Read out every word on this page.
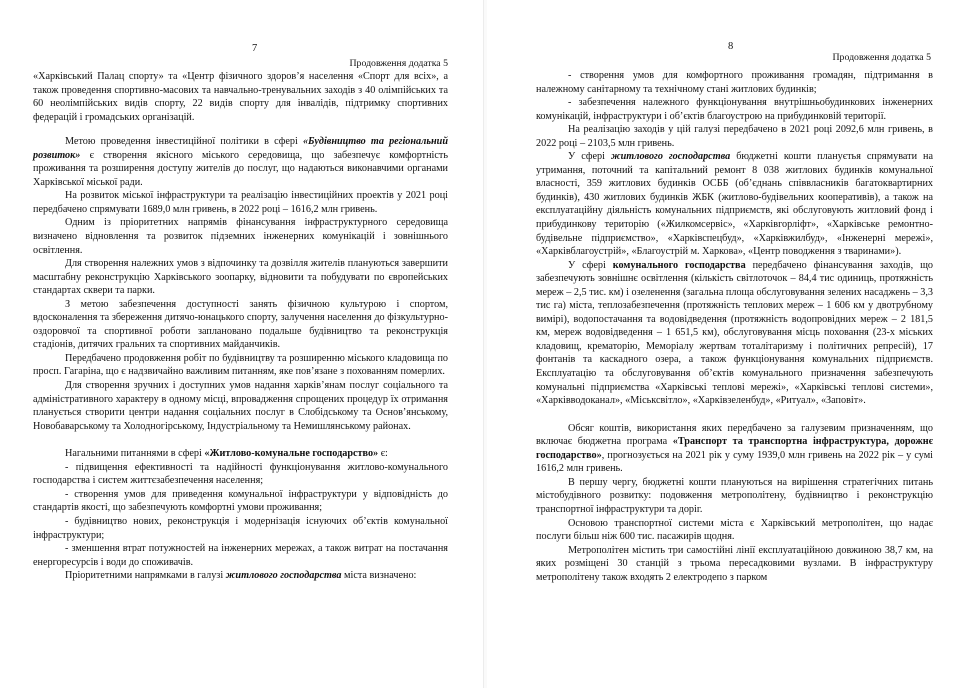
7
Продовження додатка 5

«Харківський Палац спорту» та «Центр фізичного здоров’я населення «Спорт для всіх», а також проведення спортивно-масових та навчально-тренувальних заходів з 40 олімпійських та 60 неолімпійських видів спорту, 22 видів спорту для інвалідів, підтримку спортивних федерацій і громадських організацій.

Метою проведення інвестиційної політики в сфері «Будівництво та регіональний розвиток» є створення якісного міського середовища, що забезпечує комфортність проживання та розширення доступу жителів до послуг, що надаються виконавчими органами Харківської міської ради.

На розвиток міської інфраструктури та реалізацію інвестиційних проектів у 2021 році передбачено спрямувати 1689,0 млн гривень, в 2022 році – 1616,2 млн гривень.

Одним із пріоритетних напрямів фінансування інфраструктурного середовища визначено відновлення та розвиток підземних інженерних комунікацій і зовнішнього освітлення.

Для створення належних умов з відпочинку та дозвілля жителів плануються завершити масштабну реконструкцію Харківського зоопарку, відновити та побудувати по європейських стандартах сквери та парки.

З метою забезпечення доступності занять фізичною культурою і спортом, вдосконалення та збереження дитячо-юнацького спорту, залучення населення до фізкультурно-оздоровчої та спортивної роботи заплановано подальше будівництво та реконструкція стадіонів, дитячих гральних та спортивних майданчиків.

Передбачено продовження робіт по будівництву та розширенню міського кладовища по просп. Гагаріна, що є надзвичайно важливим питанням, яке пов’язане з похованням померлих.

Для створення зручних і доступних умов надання харків’янам послуг соціального та адміністративного характеру в одному місці, впровадження спрощених процедур їх отримання планується створити центри надання соціальних послуг в Слобідському та Основ’янському, Новобаварському та Холодногірському, Індустріальному та Немишлянському районах.

Нагальними питаннями в сфері «Житлово-комунальне господарство» є:

- підвищення ефективності та надійності функціонування житлово-комунального господарства і систем життєзабезпечення населення;

- створення умов для приведення комунальної інфраструктури у відповідність до стандартів якості, що забезпечують комфортні умови проживання;

- будівництво нових, реконструкція і модернізація існуючих об’єктів комунальної інфраструктури;

- зменшення втрат потужностей на інженерних мережах, а також витрат на постачання енергоресурсів і води до споживачів.

Пріоритетними напрямками в галузі житлового господарства міста визначено:

8
Продовження додатка 5

- створення умов для комфортного проживання громадян, підтримання в належному санітарному та технічному стані житлових будинків;

- забезпечення належного функціонування внутрішньобудинкових інженерних комунікацій, інфраструктури і об’єктів благоустрою на прибудинковій території.

На реалізацію заходів у цій галузі передбачено в 2021 році 2092,6 млн гривень, в 2022 році – 2103,5 млн гривень.

У сфері житлового господарства бюджетні кошти плануєтья спрямувати на утримання, поточний та капітальний ремонт 8 038 житлових будинків комунальної власності, 359 житлових будинків ОСББ (об’єднань співвласників багатоквартирних будинків), 430 житлових будинків ЖБК (житлово-будівельних кооперативів), а також на експлуатаційну діяльність комунальних підприємств, які обслуговують житловий фонд і прибудинкову територію («Жилкомсервіс», «Харківгорліфт», «Харківське ремонтно-будівельне підприємство», «Харківспецбуд», «Харківжилбуд», «Інженерні мережі», «Харківблагоустрій», «Благоустрій м. Харкова», «Центр поводження з тваринами»).

У сфері комунального господарства передбачено фінансування заходів, що забезпечують зовнішнє освітлення (кількість світлоточок – 84,4 тис одиниць, протяжність мереж – 2,5 тис. км) і озеленення (загальна площа обслуговування зелених насаджень – 3,3 тис га) міста, теплозабезпечення (протяжність теплових мереж – 1 606 км у двотрубному вимірі), водопостачання та водовідведення (протяжність водопровідних мереж – 2 181,5 км, мереж водовідведення – 1 651,5 км), обслуговування місць поховання (23-х міських кладовищ, крематорію, Меморіалу жертвам тоталітаризму і політичних репресій), 17 фонтанів та каскадного озера, а також функціонування комунальних підприємств. Експлуатацію та обслуговування об’єктів комунального призначення забезпечують комунальні підприємства «Харківські теплові мережі», «Харківські теплові системи», «Харківводоканал», «Міськсвітло», «Харківзеленбуд», «Ритуал», «Заповіт».

Обсяг коштів, використання яких передбачено за галузевим призначенням, що включає бюджетна програма «Транспорт та транспортна інфраструктура, дорожнє господарство», прогнозується на 2021 рік у суму 1939,0 млн гривень на 2022 рік – у сумі 1616,2 млн гривень.

В першу чергу, бюджетні кошти плануються на вирішення стратегічних питань містобудівного розвитку: подовження метрополітену, будівництво і реконструкцію транспортної інфраструктури та доріг.

Основою транспортної системи міста є Харківський метрополітен, що надає послуги більш ніж 600 тис. пасажирів щодня.

Метрополітен містить три самостійні лінії експлуатаційною довжиною 38,7 км, на яких розміщені 30 станцій з трьома пересадковими вузлами. В інфраструктуру метрополітену також входять 2 електродепо з парком
